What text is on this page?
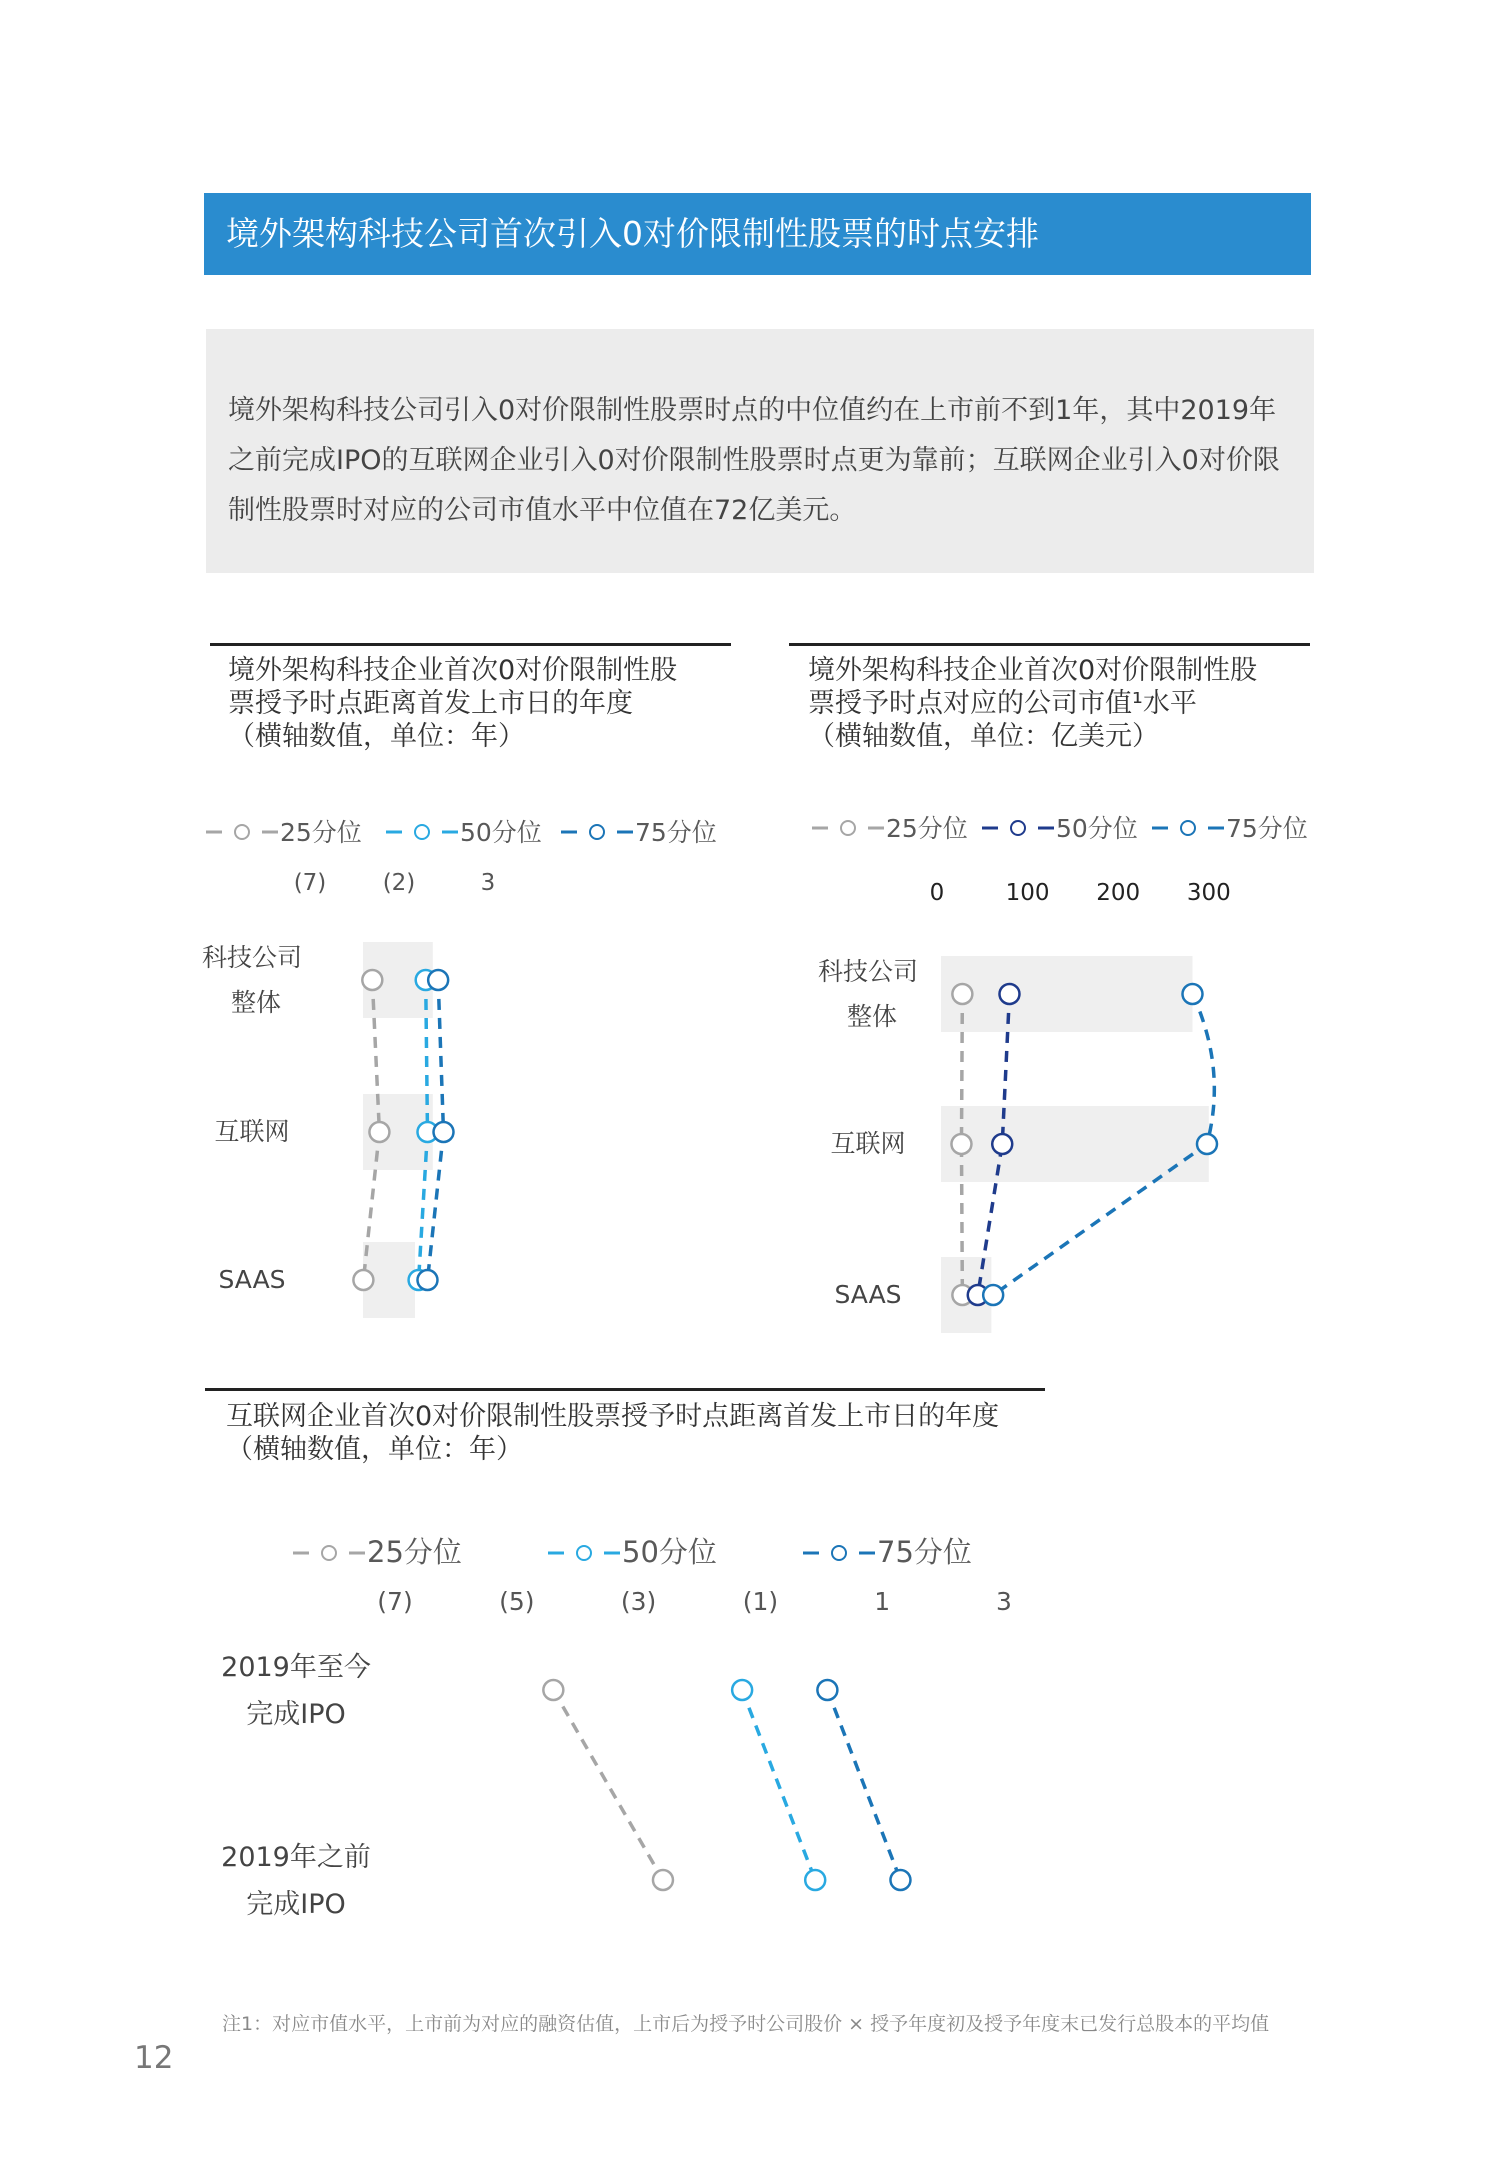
境外架构科技公司首次引入0对价限制性股票的时点安排
境外架构科技公司引入0对价限制性股票时点的中位值约在上市前不到1年，其中2019年之前完成IPO的互联网企业引入0对价限制性股票时点更为靠前；互联网企业引入0对价限制性股票时对应的公司市值水平中位值在72亿美元。
境外架构科技企业首次0对价限制性股
票授予时点距离首发上市日的年度
（横轴数值，单位：年）
境外架构科技企业首次0对价限制性股
票授予时点对应的公司市值¹水平
（横轴数值，单位：亿美元）
互联网企业首次0对价限制性股票授予时点距离首发上市日的年度
（横轴数值，单位：年）
25分位	50分位	75分位
(7) (2)	3
科技公司
整体
互联网
SAAS
25分位	50分位	75分位
0	100 200 300
科技公司
整体
互联网
SAAS
25分位	50分位	75分位
(7)	(5)	(3)	(1)	1	3
2019年至今
完成IPO
2019年之前
完成IPO
注1：对应市值水平，上市前为对应的融资估值，上市后为授予时公司股价 × 授予年度初及授予年度末已发行总股本的平均值
12
